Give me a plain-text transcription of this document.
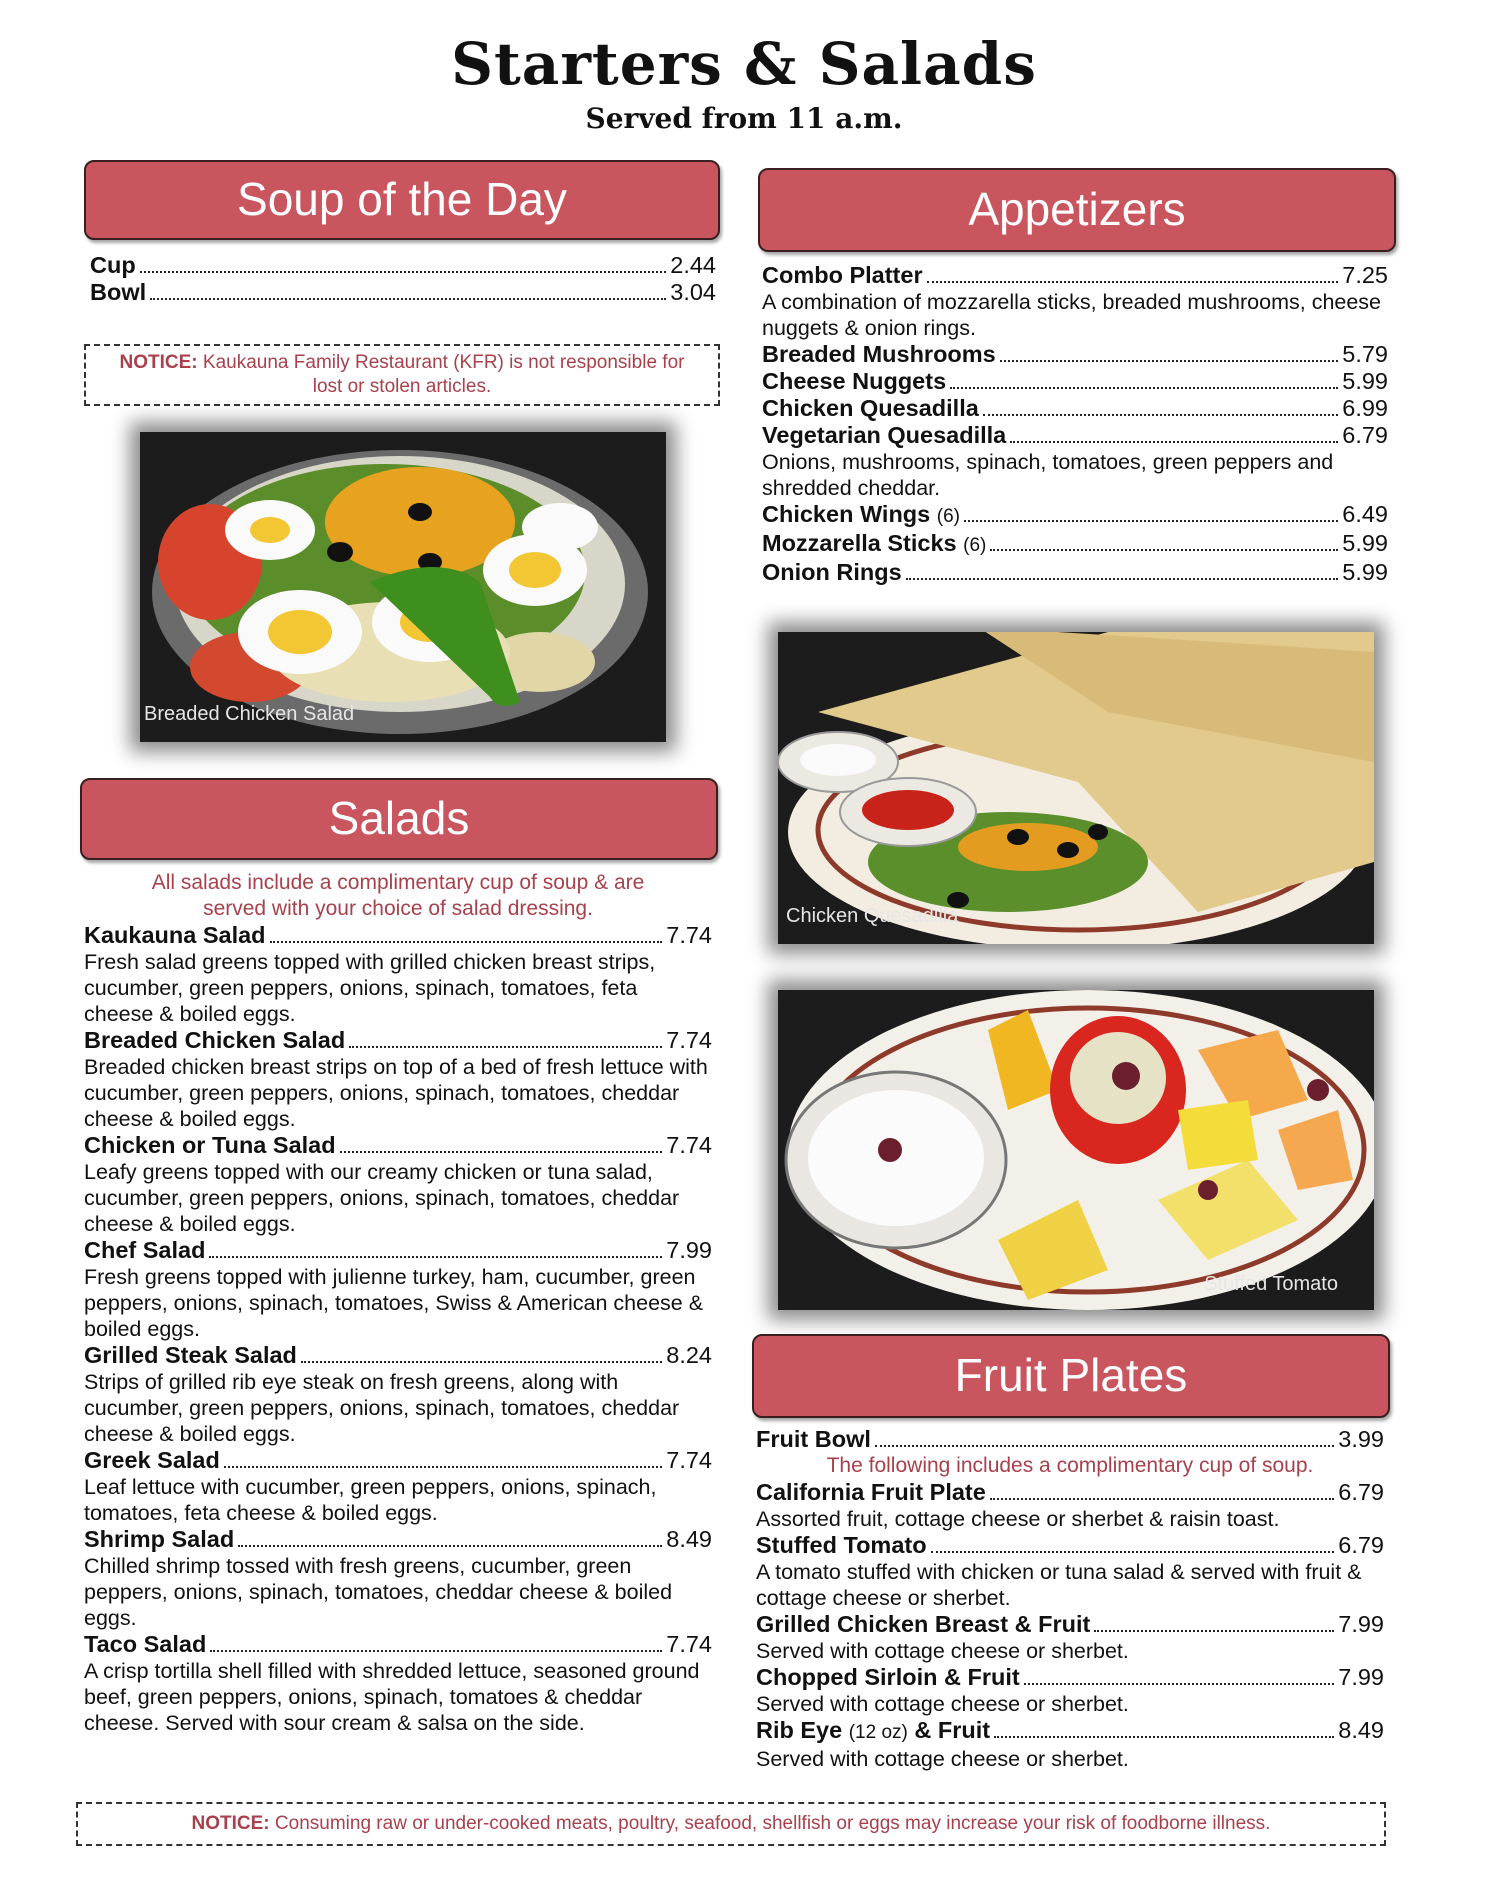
Starters & Salads
Served from 11 a.m.
Soup of the Day
Cup	2.44
Bowl	3.04
NOTICE: Kaukauna Family Restaurant (KFR) is not responsible for lost or stolen articles.
Breaded Chicken Salad
Salads
All salads include a complimentary cup of soup & are served with your choice of salad dressing.
Kaukauna Salad	7.74
Fresh salad greens topped with grilled chicken breast strips, cucumber, green peppers, onions, spinach, tomatoes, feta cheese & boiled eggs.
Breaded Chicken Salad	7.74
Breaded chicken breast strips on top of a bed of fresh lettuce with cucumber, green peppers, onions, spinach, tomatoes, cheddar cheese & boiled eggs.
Chicken or Tuna Salad	7.74
Leafy greens topped with our creamy chicken or tuna salad, cucumber, green peppers, onions, spinach, tomatoes, cheddar cheese & boiled eggs.
Chef Salad	7.99
Fresh greens topped with julienne turkey, ham, cucumber, green peppers, onions, spinach, tomatoes, Swiss & American cheese & boiled eggs.
Grilled Steak Salad	8.24
Strips of grilled rib eye steak on fresh greens, along with cucumber, green peppers, onions, spinach, tomatoes, cheddar cheese & boiled eggs.
Greek Salad	7.74
Leaf lettuce with cucumber, green peppers, onions, spinach, tomatoes, feta cheese & boiled eggs.
Shrimp Salad	8.49
Chilled shrimp tossed with fresh greens, cucumber, green peppers, onions, spinach, tomatoes, cheddar cheese & boiled eggs.
Taco Salad	7.74
A crisp tortilla shell filled with shredded lettuce, seasoned ground beef, green peppers, onions, spinach, tomatoes & cheddar cheese. Served with sour cream & salsa on the side.
Appetizers
Combo Platter	7.25
A combination of mozzarella sticks, breaded mushrooms, cheese nuggets & onion rings.
Breaded Mushrooms	5.79
Cheese Nuggets	5.99
Chicken Quesadilla	6.99
Vegetarian Quesadilla	6.79
Onions, mushrooms, spinach, tomatoes, green peppers and shredded cheddar.
Chicken Wings (6)	6.49
Mozzarella Sticks (6)	5.99
Onion Rings	5.99
Chicken Quesadilla
Stuffed Tomato
Fruit Plates
Fruit Bowl	3.99
The following includes a complimentary cup of soup.
California Fruit Plate	6.79
Assorted fruit, cottage cheese or sherbet & raisin toast.
Stuffed Tomato	6.79
A tomato stuffed with chicken or tuna salad & served with fruit & cottage cheese or sherbet.
Grilled Chicken Breast & Fruit	7.99
Served with cottage cheese or sherbet.
Chopped Sirloin & Fruit	7.99
Served with cottage cheese or sherbet.
Rib Eye (12 oz) & Fruit	8.49
Served with cottage cheese or sherbet.
NOTICE: Consuming raw or under-cooked meats, poultry, seafood, shellfish or eggs may increase your risk of foodborne illness.
